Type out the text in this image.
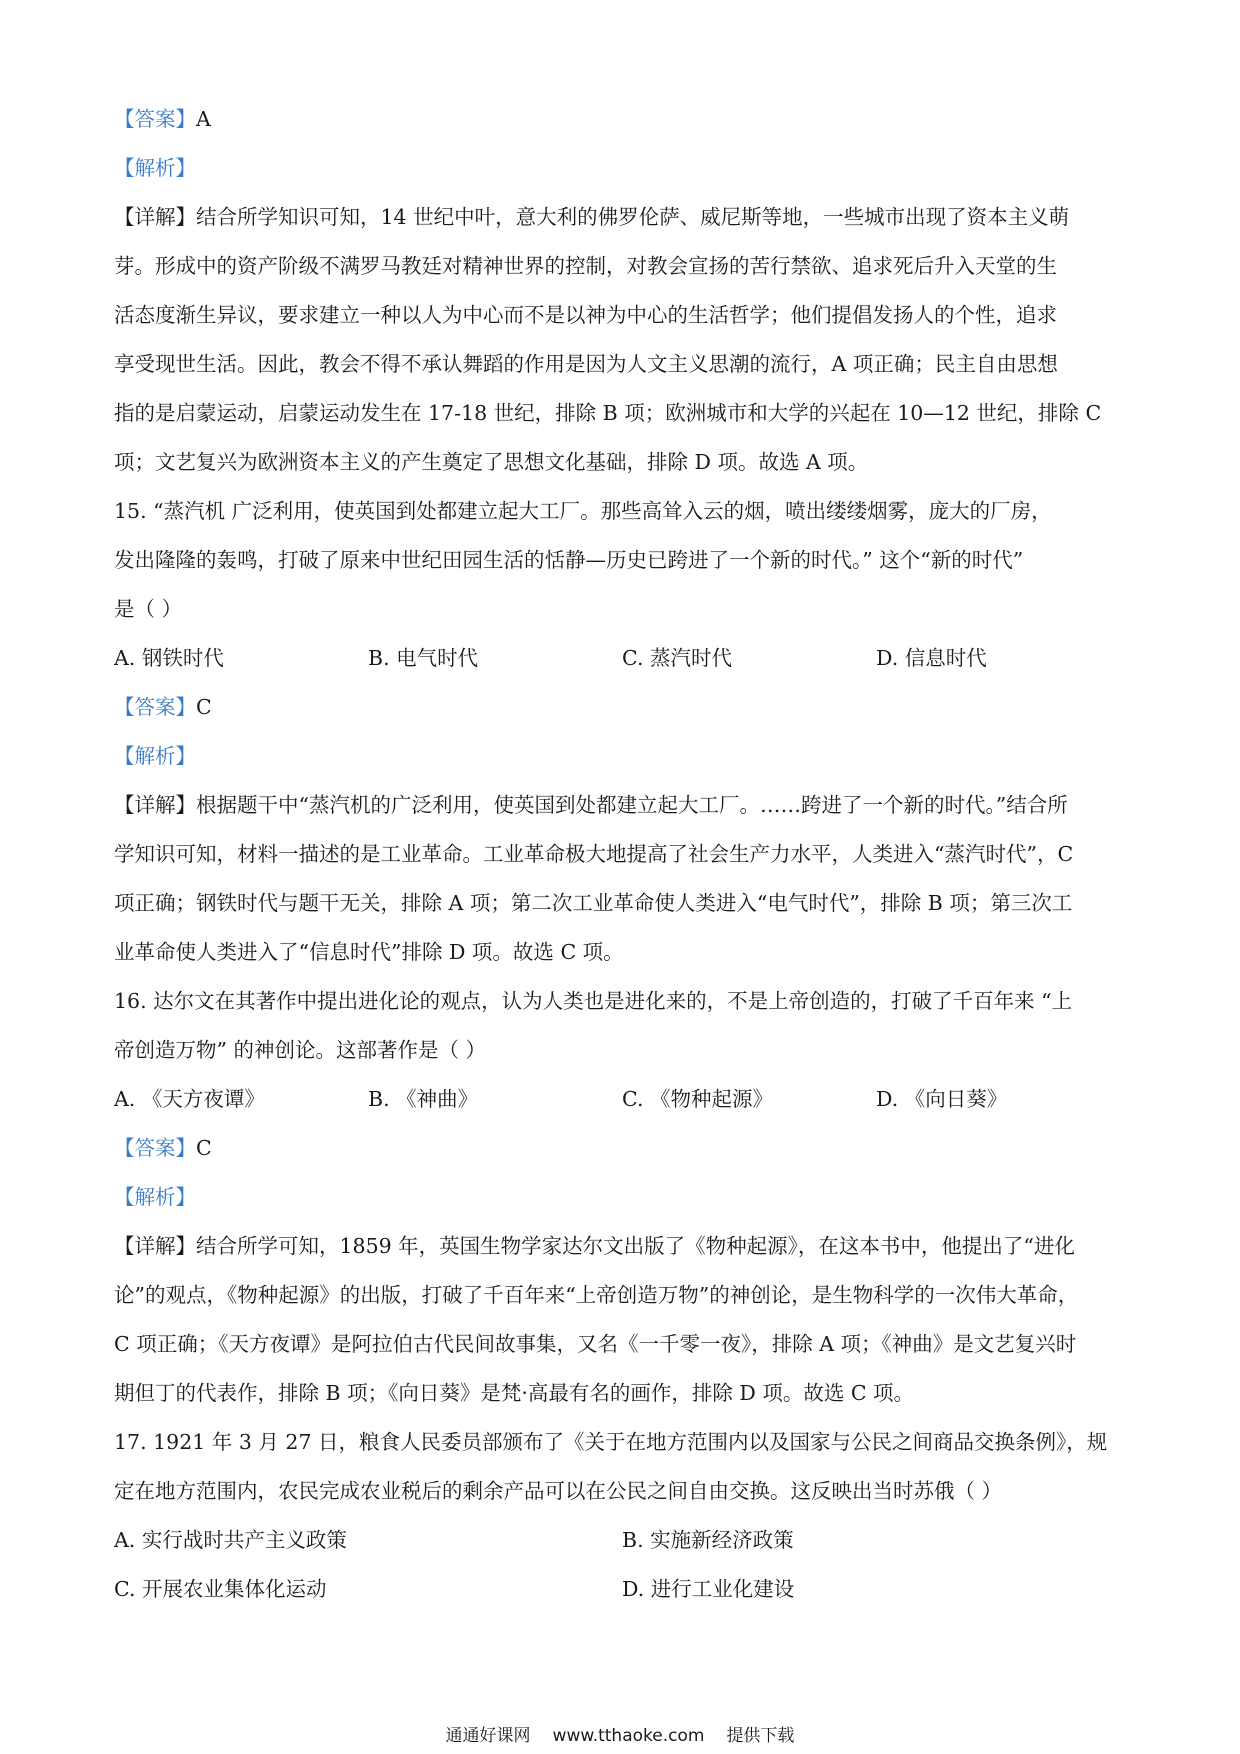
【答案】A
【解析】
【详解】结合所学知识可知，14 世纪中叶，意大利的佛罗伦萨、威尼斯等地，一些城市出现了资本主义萌
芽。形成中的资产阶级不满罗马教廷对精神世界的控制，对教会宣扬的苦行禁欲、追求死后升入天堂的生
活态度渐生异议，要求建立一种以人为中心而不是以神为中心的生活哲学；他们提倡发扬人的个性，追求
享受现世生活。因此，教会不得不承认舞蹈的作用是因为人文主义思潮的流行，A 项正确；民主自由思想
指的是启蒙运动，启蒙运动发生在 17-18 世纪，排除 B 项；欧洲城市和大学的兴起在 10—12 世纪，排除 C
项；文艺复兴为欧洲资本主义的产生奠定了思想文化基础，排除 D 项。故选 A 项。
15. “蒸汽机 广泛利用，使英国到处都建立起大工厂。那些高耸入云的烟，喷出缕缕烟雾，庞大的厂房，
发出隆隆的轰鸣，打破了原来中世纪田园生活的恬静—历史已跨进了一个新的时代。” 这个“新的时代”
是（ ）
A. 钢铁时代	B. 电气时代	C. 蒸汽时代	D. 信息时代
【答案】C
【解析】
【详解】根据题干中“蒸汽机的广泛利用，使英国到处都建立起大工厂。……跨进了一个新的时代。”结合所
学知识可知，材料一描述的是工业革命。工业革命极大地提高了社会生产力水平，人类进入“蒸汽时代”，C
项正确；钢铁时代与题干无关，排除 A 项；第二次工业革命使人类进入“电气时代”，排除 B 项；第三次工
业革命使人类进入了“信息时代”排除 D 项。故选 C 项。
16. 达尔文在其著作中提出进化论的观点，认为人类也是进化来的，不是上帝创造的，打破了千百年来 “上
帝创造万物” 的神创论。这部著作是（ ）
A. 《天方夜谭》	B. 《神曲》	C. 《物种起源》	D. 《向日葵》
【答案】C
【解析】
【详解】结合所学可知，1859 年，英国生物学家达尔文出版了《物种起源》，在这本书中，他提出了“进化
论”的观点，《物种起源》的出版，打破了千百年来“上帝创造万物”的神创论，是生物科学的一次伟大革命，
C 项正确；《天方夜谭》是阿拉伯古代民间故事集，又名《一千零一夜》，排除 A 项；《神曲》是文艺复兴时
期但丁的代表作，排除 B 项；《向日葵》是梵·高最有名的画作，排除 D 项。故选 C 项。
17. 1921 年 3 月 27 日，粮食人民委员部颁布了《关于在地方范围内以及国家与公民之间商品交换条例》，规
定在地方范围内，农民完成农业税后的剩余产品可以在公民之间自由交换。这反映出当时苏俄（ ）
A. 实行战时共产主义政策	B. 实施新经济政策
C. 开展农业集体化运动	D. 进行工业化建设
通通好课网 www.tthaoke.com 提供下载
